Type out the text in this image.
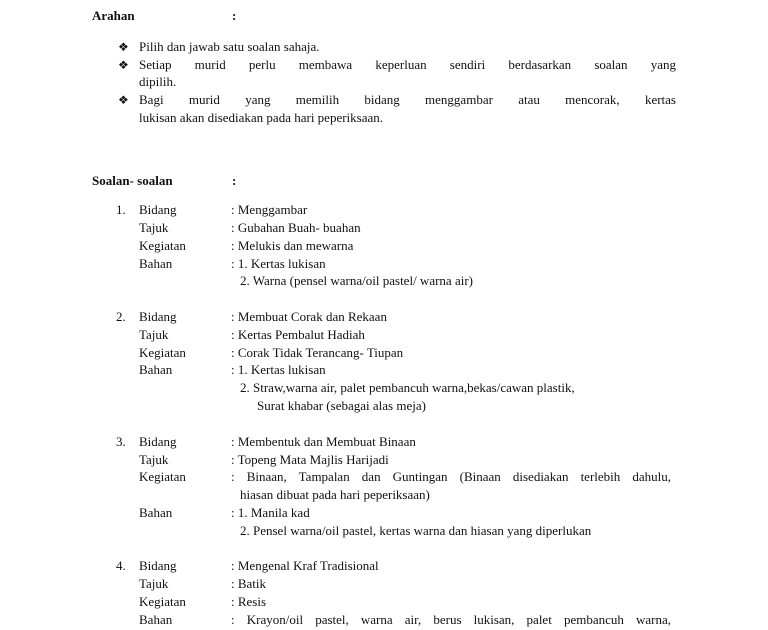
Arahan	:
❖ Pilih dan jawab satu soalan sahaja.
❖ Setiap murid perlu membawa keperluan sendiri berdasarkan soalan yang
dipilih.
❖ Bagi murid yang memilih bidang menggambar atau mencorak, kertas
lukisan akan disediakan pada hari peperiksaan.
Soalan- soalan	:
1. Bidang	: Menggambar
Tajuk	: Gubahan Buah- buahan
Kegiatan	: Melukis dan mewarna
Bahan	: 1. Kertas lukisan
2. Warna (pensel warna/oil pastel/ warna air)
2. Bidang	: Membuat Corak dan Rekaan
Tajuk	: Kertas Pembalut Hadiah
Kegiatan	: Corak Tidak Terancang- Tiupan
Bahan	: 1. Kertas lukisan
2. Straw,warna air, palet pembancuh warna,bekas/cawan plastik,
Surat khabar (sebagai alas meja)
3. Bidang	: Membentuk dan Membuat Binaan
Tajuk	: Topeng Mata Majlis Harijadi
Kegiatan	: Binaan, Tampalan dan Guntingan (Binaan disediakan terlebih dahulu,
hiasan dibuat pada hari peperiksaan)
Bahan	: 1. Manila kad
2. Pensel warna/oil pastel, kertas warna dan hiasan yang diperlukan
4. Bidang	: Mengenal Kraf Tradisional
Tajuk	: Batik
Kegiatan	: Resis
Bahan	: Krayon/oil pastel, warna air, berus lukisan, palet pembancuh warna,
